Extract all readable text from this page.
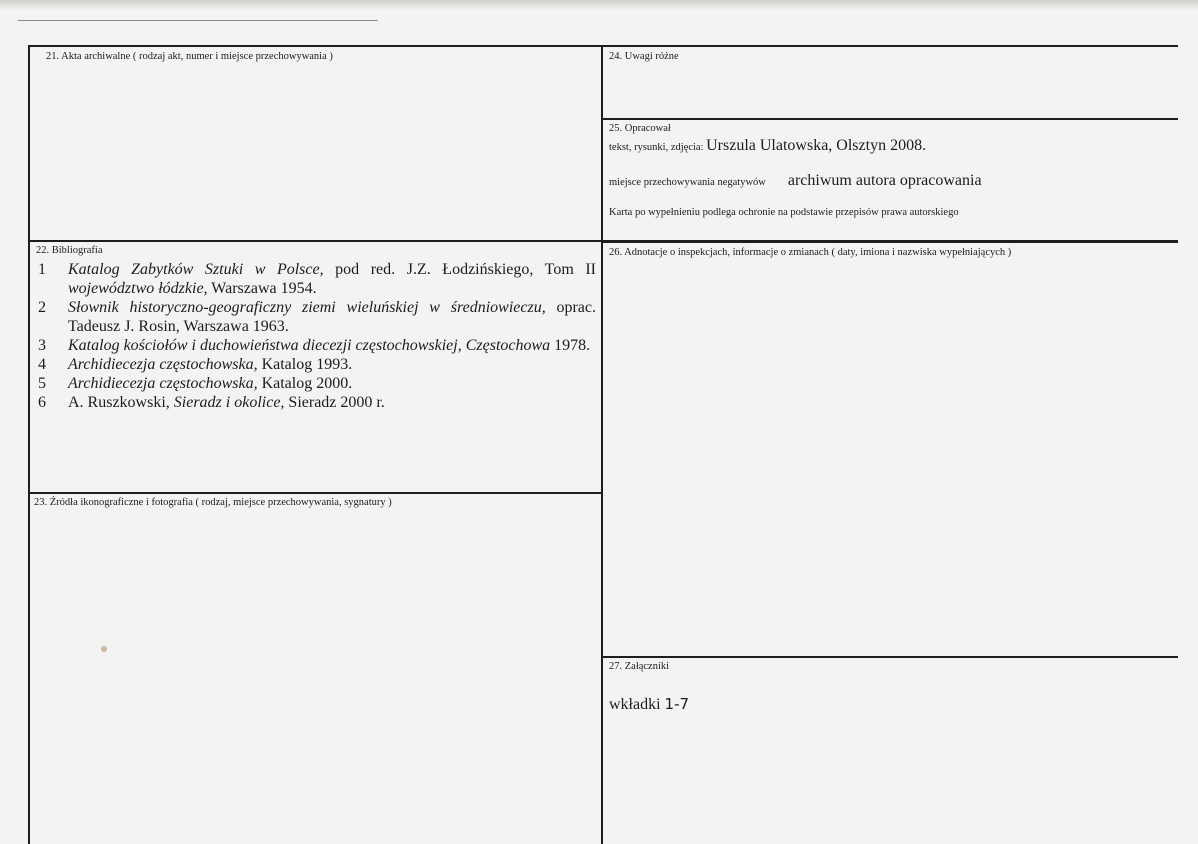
21. Akta archiwalne ( rodzaj akt, numer i miejsce przechowywania )
22. Bibliografia
1 Katalog Zabytków Sztuki w Polsce, pod red. J.Z. Łodzińskiego, Tom II województwo łódzkie, Warszawa 1954.
2 Słownik historyczno-geograficzny ziemi wieluńskiej w średniowieczu, oprac. Tadeusz J. Rosin, Warszawa 1963.
3 Katalog kościołów i duchowieństwa diecezji częstochowskiej, Częstochowa 1978.
4 Archidiecezja częstochowska, Katalog 1993.
5 Archidiecezja częstochowska, Katalog 2000.
6 A. Ruszkowski, Sieradz i okolice, Sieradz 2000 r.
23. Źródła ikonograficzne i fotografia ( rodzaj, miejsce przechowywania, sygnatury )
24. Uwagi różne
25. Opracował
tekst, rysunki, zdjęcia: Urszula Ulatowska, Olsztyn 2008.
miejsce przechowywania negatywów archiwum autora opracowania
Karta po wypełnieniu podlega ochronie na podstawie przepisów prawa autorskiego
26. Adnotacje o inspekcjach, informacje o zmianach ( daty, imiona i nazwiska wypełniających )
27. Załączniki
wkładki 1-7
